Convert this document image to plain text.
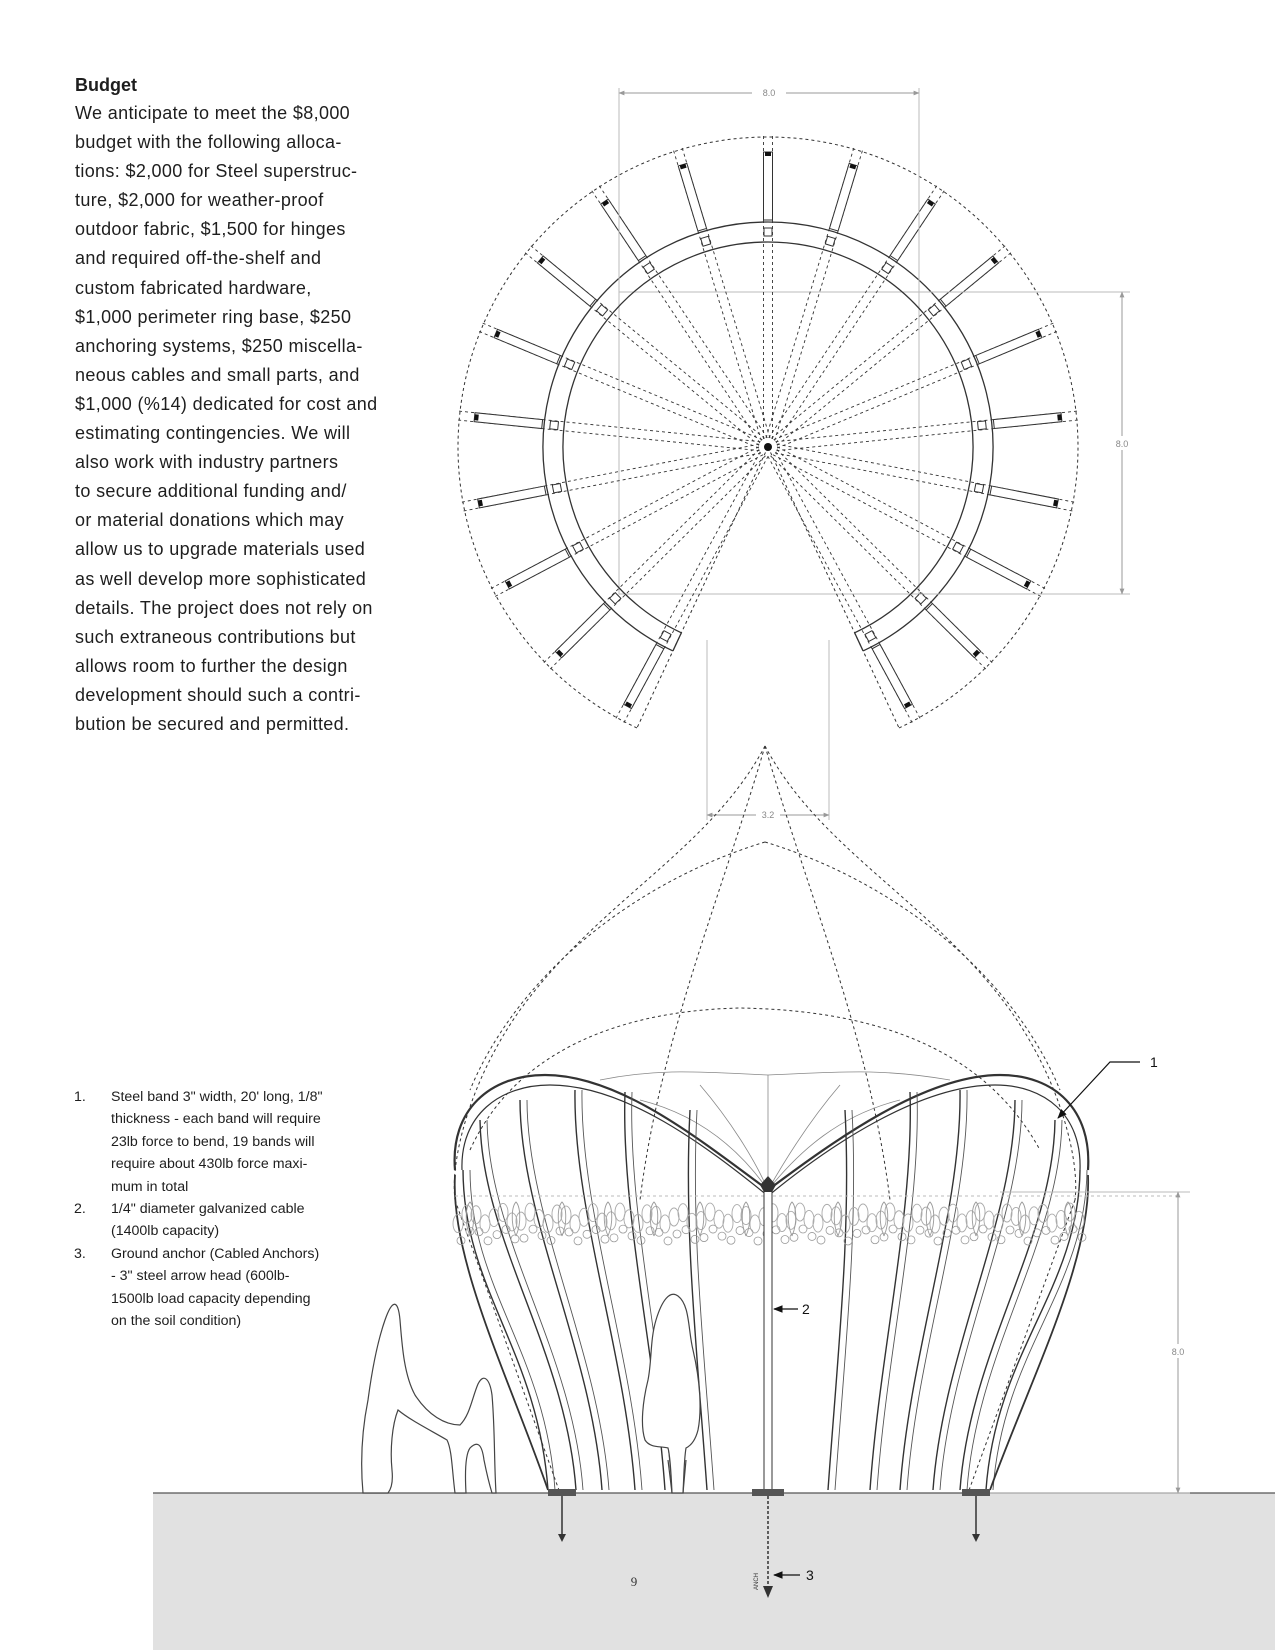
Budget
We anticipate to meet the $8,000
budget with the following alloca-
tions: $2,000 for Steel superstruc-
ture, $2,000 for weather-proof
outdoor fabric, $1,500 for hinges
and required off-the-shelf and
custom fabricated hardware,
$1,000 perimeter ring base, $250
anchoring systems, $250 miscella-
neous cables and small parts, and
$1,000 (%14) dedicated for cost and
estimating contingencies. We will
also work with industry partners
to secure additional funding and/
or material donations which may
allow us to upgrade materials used
as well develop more sophisticated
details. The project does not rely on
such extraneous contributions but
allows room to further the design
development should such a contri-
bution be secured and permitted.
1.	Steel band 3" width, 20' long, 1/8"
thickness - each band will require
23lb force to bend, 19 bands will
require about 430lb force maxi-
mum in total
2.	1/4" diameter galvanized cable
(1400lb capacity)
3.	Ground anchor (Cabled Anchors)
- 3" steel arrow head (600lb-
1500lb load capacity depending
on the soil condition)
8.0
8.0
3.2
ANCH
8.0
1
2
3
9
